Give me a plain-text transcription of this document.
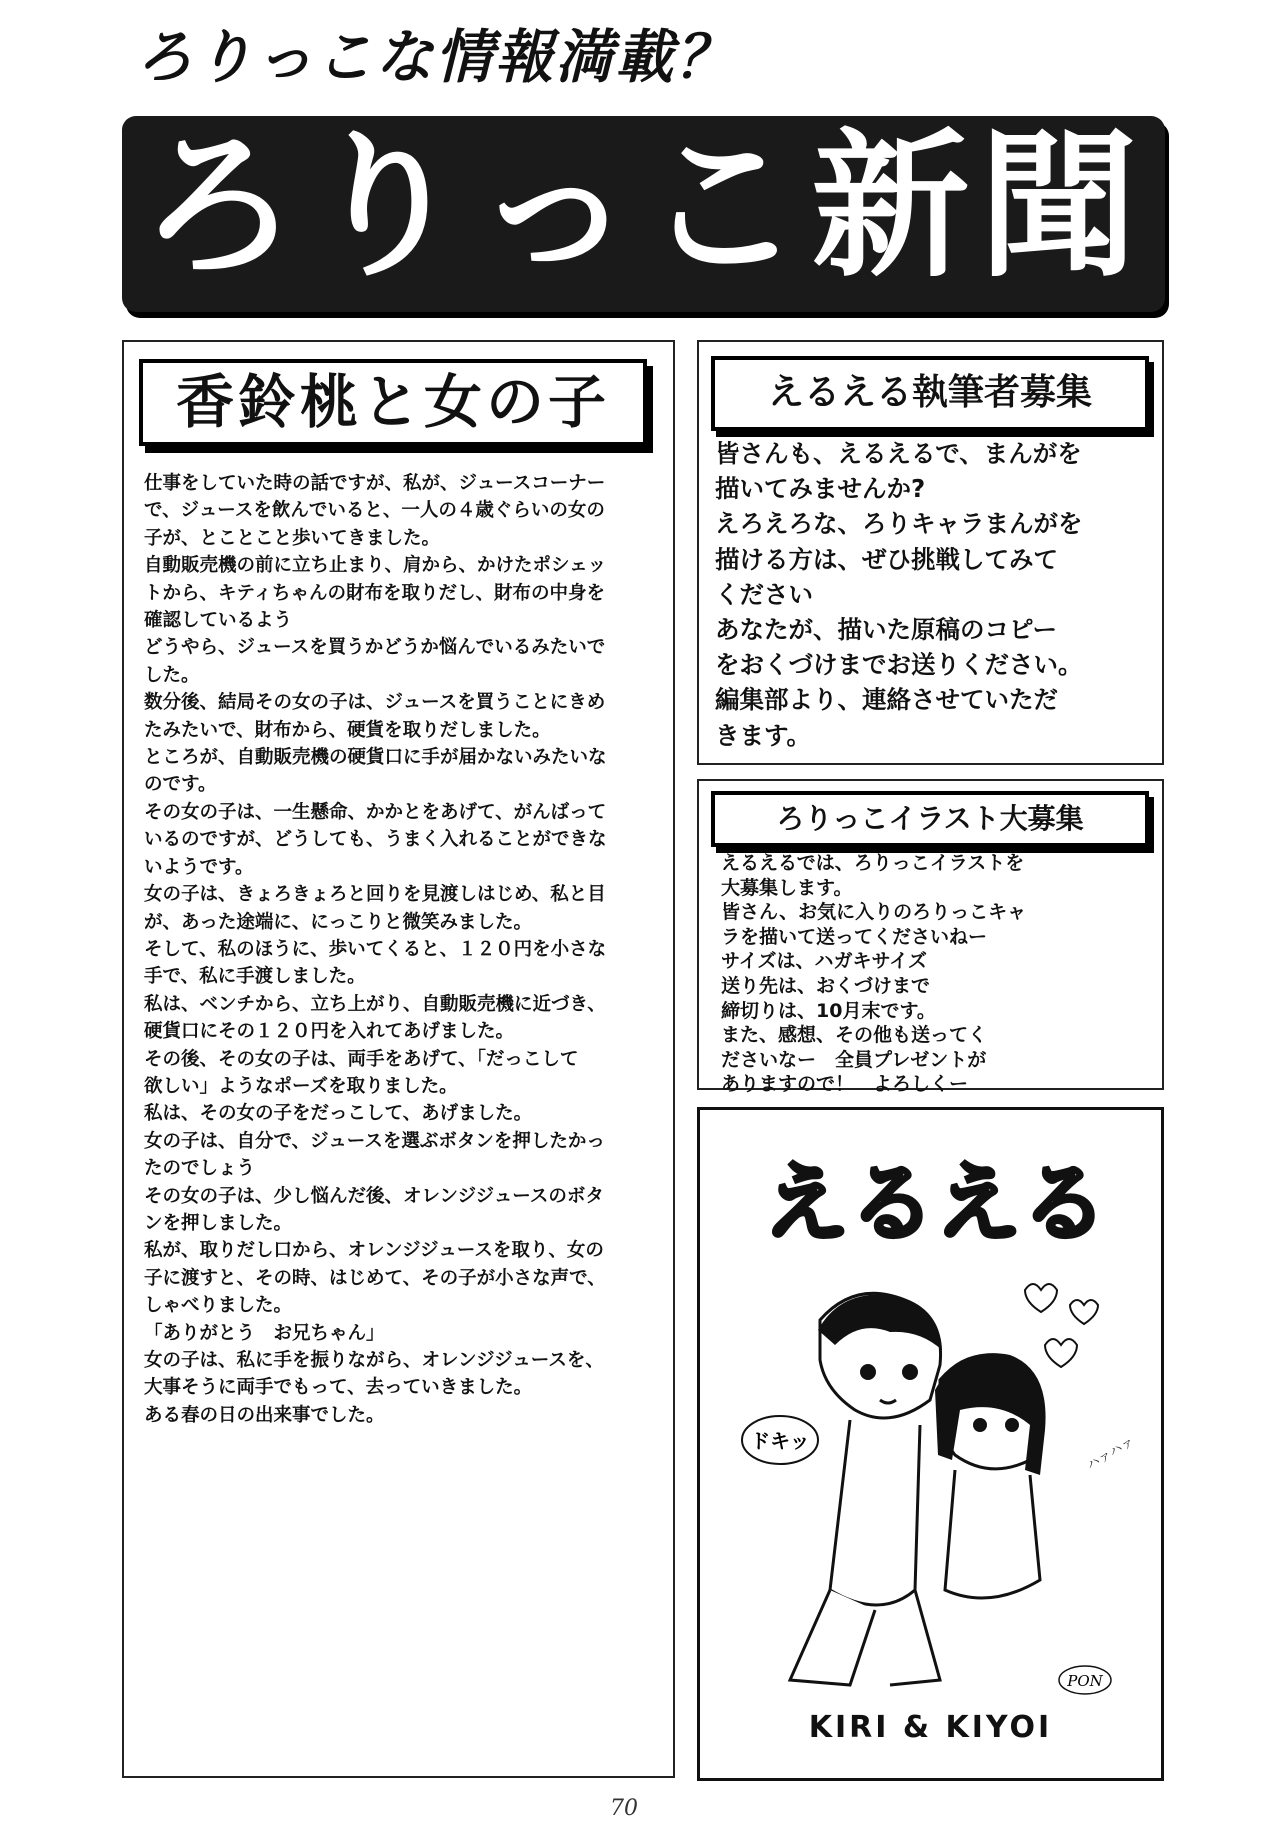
ろりっこな情報満載？
ろりっこ新聞
香鈴桃と女の子
仕事をしていた時の話ですが、私が、ジュースコーナー
で、ジュースを飲んでいると、一人の４歳ぐらいの女の
子が、とことこと歩いてきました。
自動販売機の前に立ち止まり、肩から、かけたポシェッ
トから、キティちゃんの財布を取りだし、財布の中身を
確認しているよう
どうやら、ジュースを買うかどうか悩んでいるみたいで
した。
数分後、結局その女の子は、ジュースを買うことにきめ
たみたいで、財布から、硬貨を取りだしました。
ところが、自動販売機の硬貨口に手が届かないみたいな
のです。
その女の子は、一生懸命、かかとをあげて、がんばって
いるのですが、どうしても、うまく入れることができな
いようです。
女の子は、きょろきょろと回りを見渡しはじめ、私と目
が、あった途端に、にっこりと微笑みました。
そして、私のほうに、歩いてくると、１２０円を小さな
手で、私に手渡しました。
私は、ベンチから、立ち上がり、自動販売機に近づき、
硬貨口にその１２０円を入れてあげました。
その後、その女の子は、両手をあげて、「だっこして
欲しい」ようなポーズを取りました。
私は、その女の子をだっこして、あげました。
女の子は、自分で、ジュースを選ぶボタンを押したかっ
たのでしょう
その女の子は、少し悩んだ後、オレンジジュースのボタ
ンを押しました。
私が、取りだし口から、オレンジジュースを取り、女の
子に渡すと、その時、はじめて、その子が小さな声で、
しゃべりました。
「ありがとう　お兄ちゃん」
女の子は、私に手を振りながら、オレンジジュースを、
大事そうに両手でもって、去っていきました。
ある春の日の出来事でした。
えるえる執筆者募集
皆さんも、えるえるで、まんがを
描いてみませんか?
えろえろな、ろりキャラまんがを
描ける方は、ぜひ挑戦してみて
ください
あなたが、描いた原稿のコピー
をおくづけまでお送りください。
編集部より、連絡させていただ
きます。
ろりっこイラスト大募集
えるえるでは、ろりっこイラストを
大募集します。
皆さん、お気に入りのろりっこキャ
ラを描いて送ってくださいねー
サイズは、ハガキサイズ
送り先は、おくづけまで
締切りは、10月末です。
また、感想、その他も送ってく
ださいなー　全員プレゼントが
ありますので！　よろしくー
えるえる
ドキッ	ハァハァ
PON
KIRI & KIYOI
70
